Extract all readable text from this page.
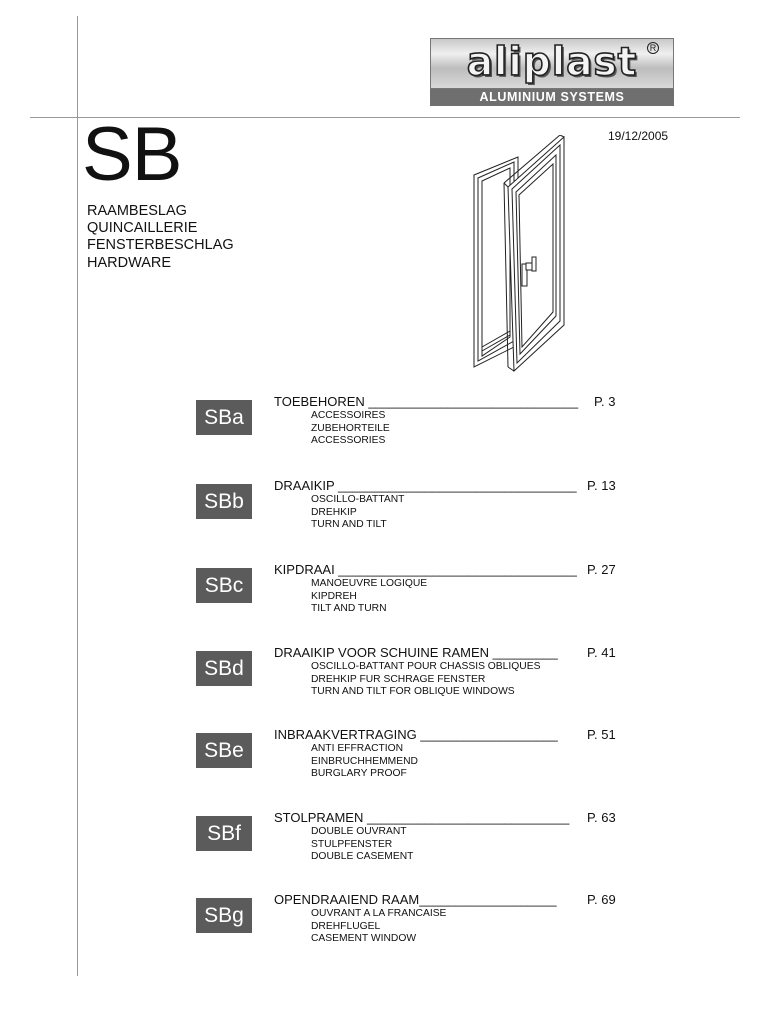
aliplast	R
ALUMINIUM SYSTEMS
19/12/2005
SB
RAAMBESLAG
QUINCAILLERIE
FENSTERBESCHLAG
HARDWARE
SBa
TOEBEHOREN _____________________________ P. 3
ACCESSOIRES
ZUBEHORTEILE
ACCESSORIES
SBb
DRAAIKIP _________________________________ P. 13
OSCILLO-BATTANT
DREHKIP
TURN AND TILT
SBc
KIPDRAAI _________________________________ P. 27
MANOEUVRE LOGIQUE
KIPDREH
TILT AND TURN
SBd
DRAAIKIP VOOR SCHUINE RAMEN _________ P. 41
OSCILLO-BATTANT POUR CHASSIS OBLIQUES
DREHKIP FUR SCHRAGE FENSTER
TURN AND TILT FOR OBLIQUE WINDOWS
SBe
INBRAAKVERTRAGING ___________________ P. 51
ANTI EFFRACTION
EINBRUCHHEMMEND
BURGLARY PROOF
SBf
STOLPRAMEN ____________________________ P. 63
DOUBLE OUVRANT
STULPFENSTER
DOUBLE CASEMENT
SBg
OPENDRAAIEND RAAM___________________ P. 69
OUVRANT A LA FRANCAISE
DREHFLUGEL
CASEMENT WINDOW
